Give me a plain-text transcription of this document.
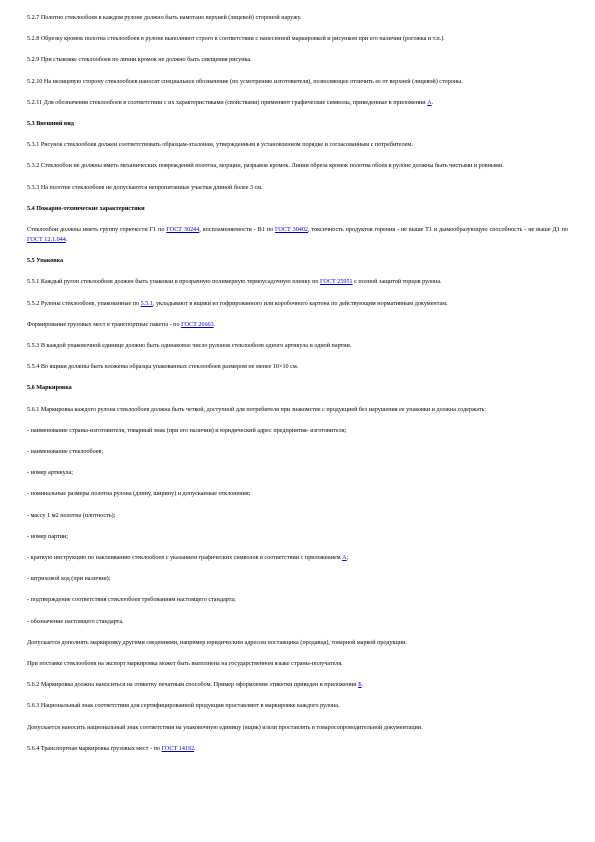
5.2.7 Полотно стеклообоев в каждом рулоне должно быть намотано верхней (лицевой) стороной наружу.

5.2.8 Обрезку кромок полотна стеклообоев в рулоне выполняют строго в соответствии с нанесенной маркировкой и рисунком при его наличии (рогожка и т.п.).

5.2.9 При стыковке стеклообоев по линии кромок не должно быть смещения рисунка.

5.2.10 На нелицевую сторону стеклообоев наносят специальное обозначение (по усмотрению изготовителя), позволяющее отличить ее от верхней (лицевой) стороны.

5.2.11 Для обозначения стеклообоев в соответствии с их характеристиками (свойствами) применяют графические символы, приведенные в приложении А.

5.3 Внешний вид

5.3.1 Рисунок стеклообоев должен соответствовать образцам-эталонам, утвержденным в установленном порядке и согласованным с потребителем.

5.3.2 Стеклообои не должны иметь механических повреждений полотна, морщин, разрывов кромок. Линии обреза кромок полотна обоев в рулоне должны быть чистыми и ровными.

5.3.3 На полотне стеклообоев не допускаются непропитанные участки длиной более 3 см.

5.4 Пожарно-технические характеристики

Стеклообои должны иметь группу горючести Г1 по ГОСТ 30244, воспламеняемости - В1 по ГОСТ 30402, токсичность продуктов горения - не выше Т1 и дымообразующую способность - не выше Д1 по ГОСТ 12.1.044.

5.5 Упаковка

5.5.1 Каждый рулон стеклообоев должен быть упакован в прозрачную полимерную термоусадочную пленку по ГОСТ 25951 с полной защитой торцов рулона.

5.5.2 Рулоны стеклообоев, упакованные по 5.5.1, укладывают в ящики из гофрированного или коробочного картона по действующим нормативным документам.

Формирование грузовых мест в транспортные пакеты - по ГОСТ 26663.

5.5.3 В каждой упаковочной единице должно быть одинаковое число рулонов стеклообоев одного артикула и одной партии.

5.5.4 Во ящики должны быть вложены образцы упакованных стеклообоев размером не менее 10×10 см.

5.6 Маркировка

5.6.1 Маркировка каждого рулона стеклообоев должна быть четкой, доступной для потребителя при знакомстве с продукцией без нарушения ее упаковки и должна содержать:

- наименование страны-изготовителя, товарный знак (при его наличии) и юридический адрес предприятия- изготовителя;

- наименование стеклообоев;

- номер артикула;

- номинальные размеры полотна рулона (длину, ширину) и допускаемые отклонения;

- массу 1 м2 полотна (плотность);

- номер партии;

- краткую инструкцию по наклеиванию стеклообоев с указанием графических символов в соответствии с приложением А;

- штриховой код (при наличии);

- подтверждение соответствия стеклообоев требованиям настоящего стандарта;

- обозначение настоящего стандарта.

Допускается дополнять маркировку другими сведениями, например юридическим адресом поставщика (продавца), товарной маркой продукции.

При поставке стеклообоев на экспорт маркировка может быть выполнена на государственном языке страны-получателя.

5.6.2 Маркировка должна наноситься на этикетку печатным способом. Пример оформления этикетки приведен в приложении Б.

5.6.3 Национальный знак соответствия для сертифицированной продукции проставляют в маркировке каждого рулона.

Допускается наносить национальный знак соответствия на упаковочную единицу (ящик) и/или проставлять в товаросопроводительной документации.

5.6.4 Транспортная маркировка грузовых мест - по ГОСТ 14192.
